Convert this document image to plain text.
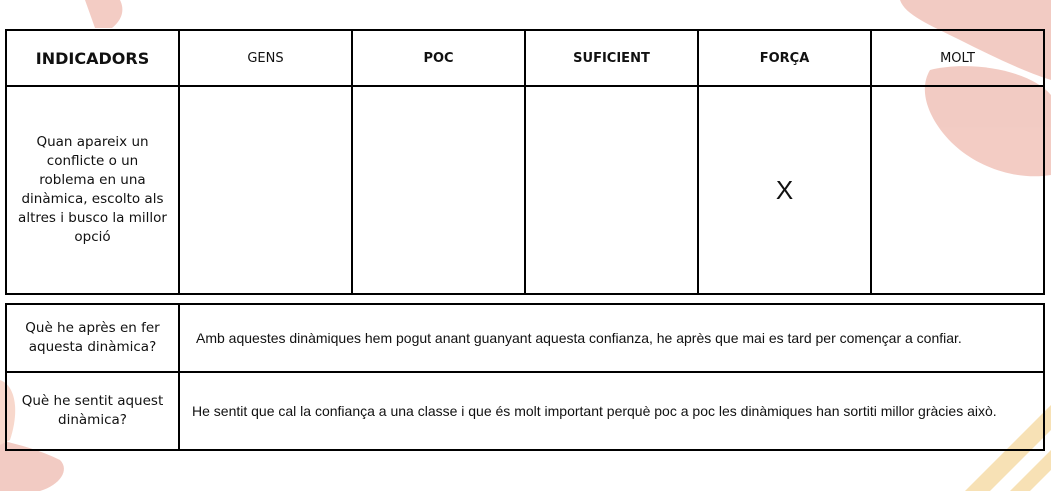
INDICADORS	GENS	POC	SUFICIENT	FORÇA	MOLT
Quan apareix un conflicte o un roblema en una dinàmica, escolto als altres i busco la millor opció				X	
Què he après en fer aquesta dinàmica?	Amb aquestes dinàmiques hem pogut anant guanyant aquesta confianza, he après que mai es tard per començar a confiar.
Què he sentit aquest dinàmica?	He sentit que cal la confiança a una classe i que és molt important perquè poc a poc les dinàmiques han sortiti millor gràcies això.
